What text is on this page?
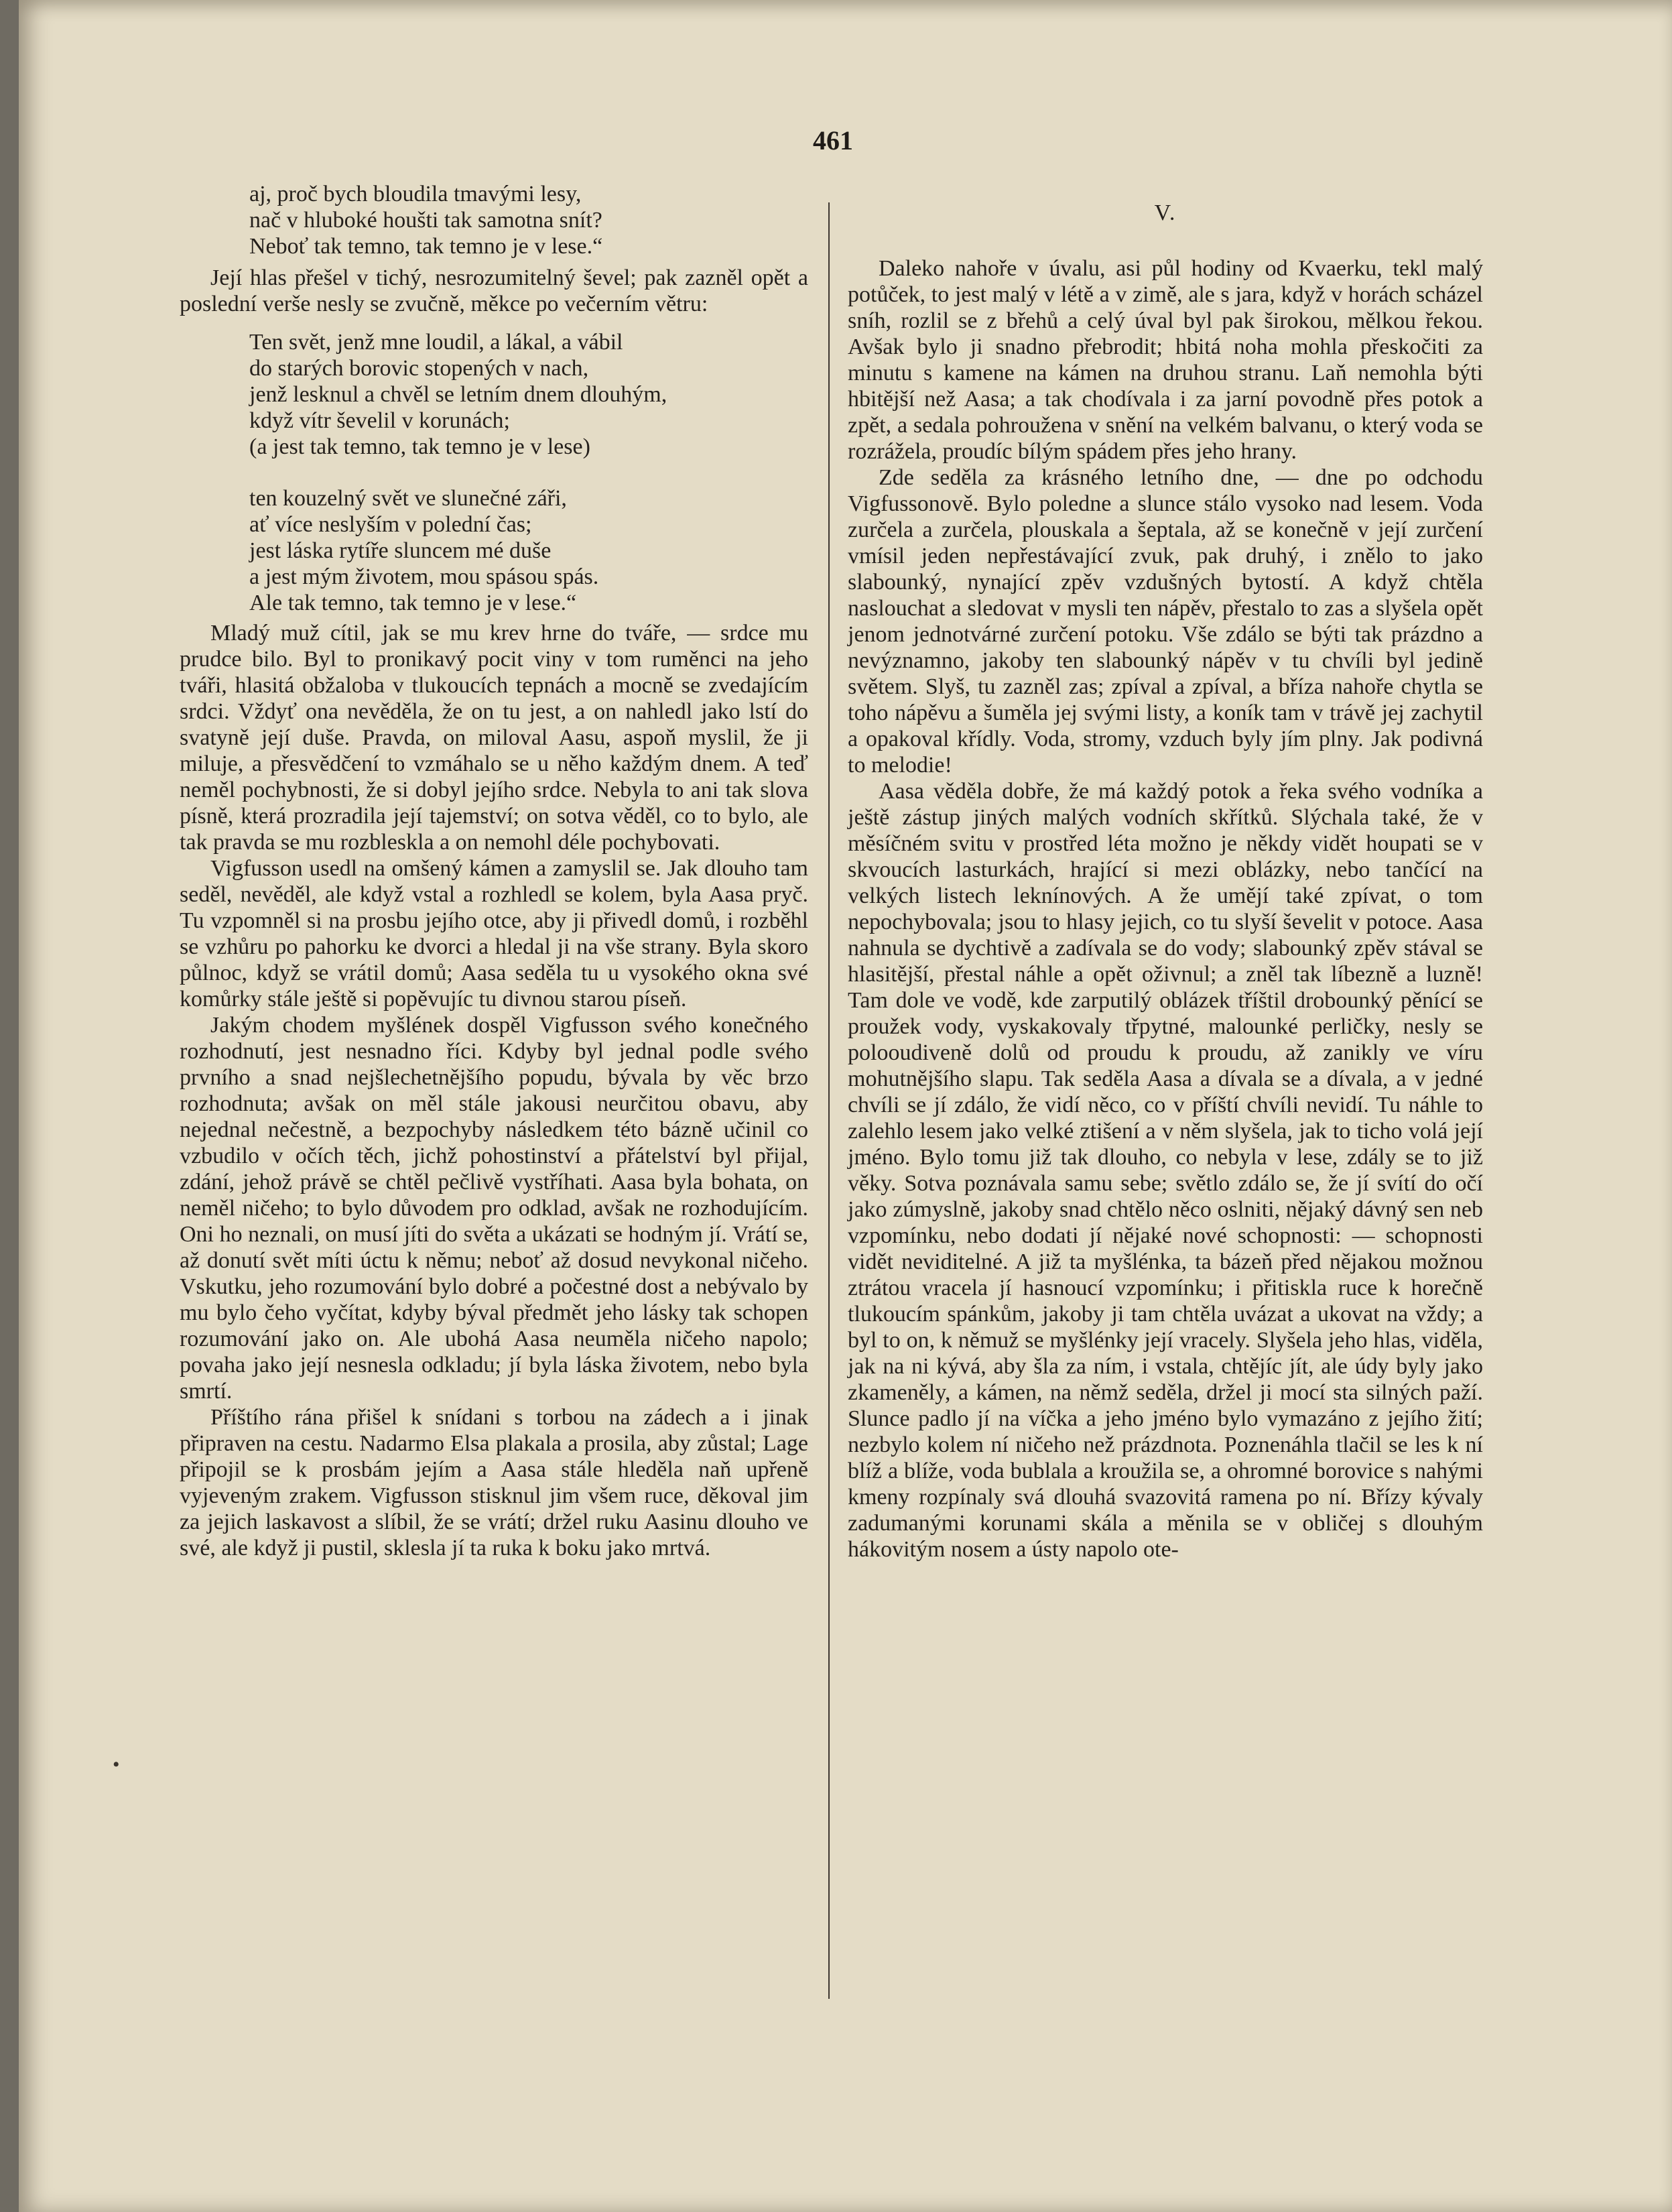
461
•
aj, proč bych bloudila tmavými lesy,
nač v hluboké houšti tak samotna snít?
Neboť tak temno, tak temno je v lese.“

Její hlas přešel v tichý, nesrozumitelný ševel; pak zazněl opět a poslední verše nesly se zvučně, měkce po večerním větru:

Ten svět, jenž mne loudil, a lákal, a vábil
do starých borovic stopených v nach,
jenž lesknul a chvěl se letním dnem dlouhým,
když vítr ševelil v korunách;
(a jest tak temno, tak temno je v lese)
ten kouzelný svět ve slunečné záři,
ať více neslyším v polední čas;
jest láska rytíře sluncem mé duše
a jest mým životem, mou spásou spás.
Ale tak temno, tak temno je v lese.“

Mladý muž cítil, jak se mu krev hrne do tváře, — srdce mu prudce bilo. Byl to pronikavý pocit viny v tom ruměnci na jeho tváři, hlasitá obžaloba v tlukoucích tepnách a mocně se zvedajícím srdci. Vždyť ona nevěděla, že on tu jest, a on nahledl jako lstí do svatyně její duše. Pravda, on miloval Aasu, aspoň myslil, že ji miluje, a přesvědčení to vzmáhalo se u něho každým dnem. A teď neměl pochybnosti, že si dobyl jejího srdce. Nebyla to ani tak slova písně, která prozradila její tajemství; on sotva věděl, co to bylo, ale tak pravda se mu rozbleskla a on nemohl déle pochybovati.

Vigfusson usedl na omšený kámen a zamyslil se. Jak dlouho tam seděl, nevěděl, ale když vstal a rozhledl se kolem, byla Aasa pryč. Tu vzpomněl si na prosbu jejího otce, aby ji přivedl domů, i rozběhl se vzhůru po pahorku ke dvorci a hledal ji na vše strany. Byla skoro půlnoc, když se vrátil domů; Aasa seděla tu u vysokého okna své komůrky stále ještě si popěvujíc tu divnou starou píseň.

Jakým chodem myšlének dospěl Vigfusson svého konečného rozhodnutí, jest nesnadno říci. Kdyby byl jednal podle svého prvního a snad nejšlechetnějšího popudu, bývala by věc brzo rozhodnuta; avšak on měl stále jakousi neurčitou obavu, aby nejednal nečestně, a bezpochyby následkem této bázně učinil co vzbudilo v očích těch, jichž pohostinství a přátelství byl přijal, zdání, jehož právě se chtěl pečlivě vystříhati. Aasa byla bohata, on neměl ničeho; to bylo důvodem pro odklad, avšak ne rozhodujícím. Oni ho neznali, on musí jíti do světa a ukázati se hodným jí. Vrátí se, až donutí svět míti úctu k němu; neboť až dosud nevykonal ničeho. Vskutku, jeho rozumování bylo dobré a počestné dost a nebývalo by mu bylo čeho vyčítat, kdyby býval předmět jeho lásky tak schopen rozumování jako on. Ale ubohá Aasa neuměla ničeho napolo; povaha jako její nesnesla odkladu; jí byla láska životem, nebo byla smrtí.

Příštího rána přišel k snídani s torbou na zádech a i jinak připraven na cestu. Nadarmo Elsa plakala a prosila, aby zůstal; Lage připojil se k prosbám jejím a Aasa stále hleděla naň upřeně vyjeveným zrakem. Vigfusson stisknul jim všem ruce, děkoval jim za jejich laskavost a slíbil, že se vrátí; držel ruku Aasinu dlouho ve své, ale když ji pustil, sklesla jí ta ruka k boku jako mrtvá.

V.

Daleko nahoře v úvalu, asi půl hodiny od Kvaerku, tekl malý potůček, to jest malý v létě a v zimě, ale s jara, když v horách scházel sníh, rozlil se z břehů a celý úval byl pak širokou, mělkou řekou. Avšak bylo ji snadno přebrodit; hbitá noha mohla přeskočiti za minutu s kamene na kámen na druhou stranu. Laň nemohla býti hbitější než Aasa; a tak chodívala i za jarní povodně přes potok a zpět, a sedala pohroužena v snění na velkém balvanu, o který voda se rozrážela, proudíc bílým spádem přes jeho hrany.

Zde seděla za krásného letního dne, — dne po odchodu Vigfussonově. Bylo poledne a slunce stálo vysoko nad lesem. Voda zurčela a zurčela, plouskala a šeptala, až se konečně v její zurčení vmísil jeden nepřestávající zvuk, pak druhý, i znělo to jako slabounký, nynající zpěv vzdušných bytostí. A když chtěla naslouchat a sledovat v mysli ten nápěv, přestalo to zas a slyšela opět jenom jednotvárné zurčení potoku. Vše zdálo se býti tak prázdno a nevýznamno, jakoby ten slabounký nápěv v tu chvíli byl jedině světem. Slyš, tu zazněl zas; zpíval a zpíval, a bříza nahoře chytla se toho nápěvu a šuměla jej svými listy, a koník tam v trávě jej zachytil a opakoval křídly. Voda, stromy, vzduch byly jím plny. Jak podivná to melodie!

Aasa věděla dobře, že má každý potok a řeka svého vodníka a ještě zástup jiných malých vodních skřítků. Slýchala také, že v měsíčném svitu v prostřed léta možno je někdy vidět houpati se v skvoucích lasturkách, hrající si mezi oblázky, nebo tančící na velkých listech leknínových. A že umějí také zpívat, o tom nepochybovala; jsou to hlasy jejich, co tu slyší ševelit v potoce. Aasa nahnula se dychtivě a zadívala se do vody; slabounký zpěv stával se hlasitější, přestal náhle a opět oživnul; a zněl tak líbezně a luzně! Tam dole ve vodě, kde zarputilý oblázek tříštil drobounký pěnící se proužek vody, vyskakovaly třpytné, malounké perličky, nesly se polooudiveně dolů od proudu k proudu, až zanikly ve víru mohutnějšího slapu. Tak seděla Aasa a dívala se a dívala, a v jedné chvíli se jí zdálo, že vidí něco, co v příští chvíli nevidí. Tu náhle to zalehlo lesem jako velké ztišení a v něm slyšela, jak to ticho volá její jméno. Bylo tomu již tak dlouho, co nebyla v lese, zdály se to již věky. Sotva poznávala samu sebe; světlo zdálo se, že jí svítí do očí jako zúmyslně, jakoby snad chtělo něco oslniti, nějaký dávný sen neb vzpomínku, nebo dodati jí nějaké nové schopnosti: — schopnosti vidět neviditelné. A již ta myšlénka, ta bázeň před nějakou možnou ztrátou vracela jí hasnoucí vzpomínku; i přitiskla ruce k horečně tlukoucím spánkům, jakoby ji tam chtěla uvázat a ukovat na vždy; a byl to on, k němuž se myšlénky její vracely. Slyšela jeho hlas, viděla, jak na ni kývá, aby šla za ním, i vstala, chtějíc jít, ale údy byly jako zkameněly, a kámen, na němž seděla, držel ji mocí sta silných paží. Slunce padlo jí na víčka a jeho jméno bylo vymazáno z jejího žití; nezbylo kolem ní ničeho než prázdnota. Poznenáhla tlačil se les k ní blíž a blíže, voda bublala a kroužila se, a ohromné borovice s nahými kmeny rozpínaly svá dlouhá svazovitá ramena po ní. Břízy kývaly zadumanými korunami skála a měnila se v obličej s dlouhým hákovitým nosem a ústy napolo ote-
